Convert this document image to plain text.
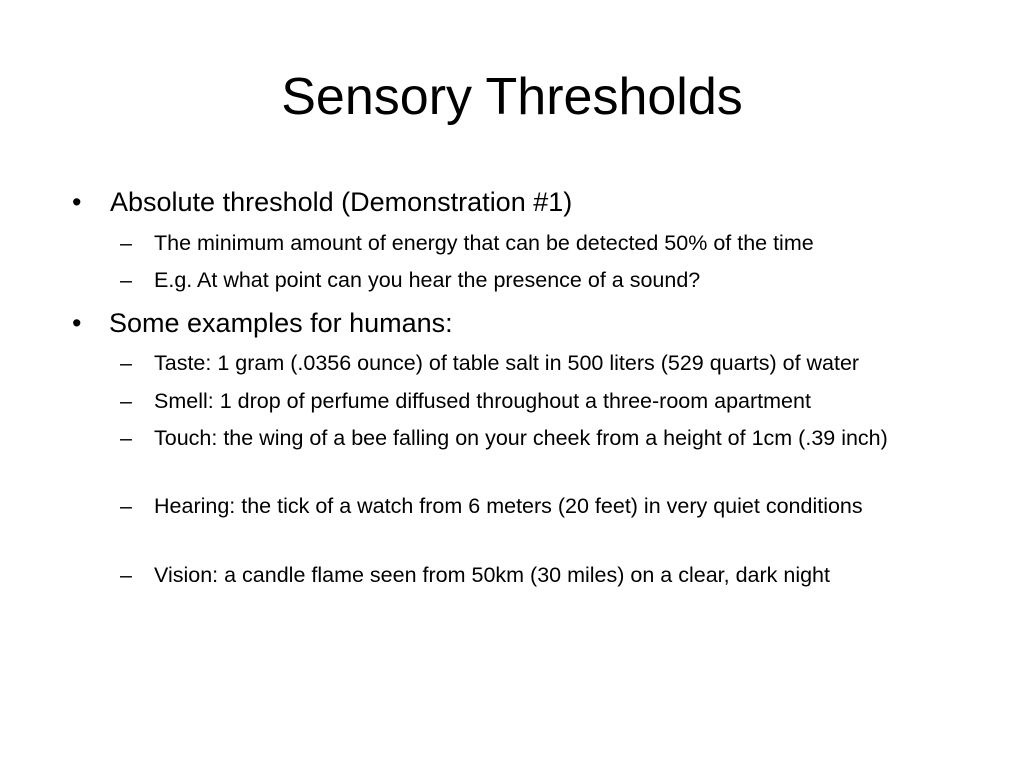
Sensory Thresholds
•	Absolute threshold (Demonstration #1)
–	The minimum amount of energy that can be detected 50% of the time
–	E.g. At what point can you hear the presence of a sound?
•	Some examples for humans:
–	Taste: 1 gram (.0356 ounce) of table salt in 500 liters (529 quarts) of water
–	Smell: 1 drop of perfume diffused throughout a three-room apartment
–	Touch: the wing of a bee falling on your cheek from a height of 1cm (.39 inch)
–	Hearing: the tick of a watch from 6 meters (20 feet) in very quiet conditions
–	Vision: a candle flame seen from 50km (30 miles) on a clear, dark night
